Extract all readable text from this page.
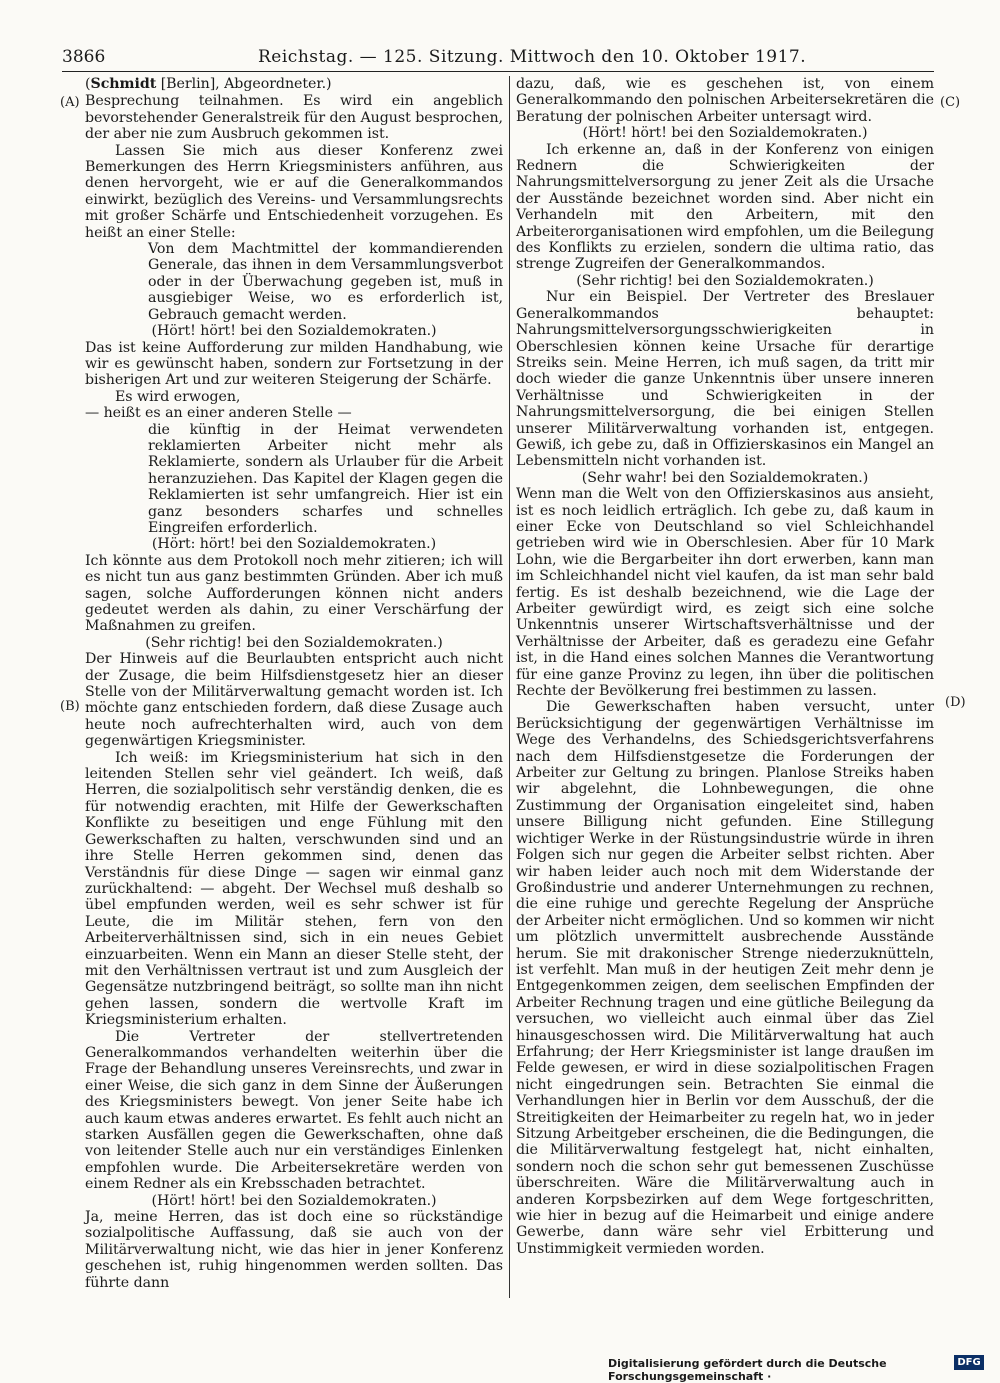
3866	Reichstag. — 125. Sitzung. Mittwoch den 10. Oktober 1917.
(A)
(B)
(C)
(D)

(Schmidt [Berlin], Abgeordneter.)

Besprechung teilnahmen. Es wird ein angeblich bevorstehender Generalstreik für den August besprochen, der aber nie zum Ausbruch gekommen ist.

Lassen Sie mich aus dieser Konferenz zwei Bemerkungen des Herrn Kriegsministers anführen, aus denen hervorgeht, wie er auf die Generalkommandos einwirkt, bezüglich des Vereins- und Versammlungsrechts mit großer Schärfe und Entschiedenheit vorzugehen. Es heißt an einer Stelle:

Von dem Machtmittel der kommandierenden Generale, das ihnen in dem Versammlungsverbot oder in der Überwachung gegeben ist, muß in ausgiebiger Weise, wo es erforderlich ist, Gebrauch gemacht werden.

(Hört! hört! bei den Sozialdemokraten.)

Das ist keine Aufforderung zur milden Handhabung, wie wir es gewünscht haben, sondern zur Fortsetzung in der bisherigen Art und zur weiteren Steigerung der Schärfe.

Es wird erwogen,

— heißt es an einer anderen Stelle —

die künftig in der Heimat verwendeten reklamierten Arbeiter nicht mehr als Reklamierte, sondern als Urlauber für die Arbeit heranzuziehen. Das Kapitel der Klagen gegen die Reklamierten ist sehr umfangreich. Hier ist ein ganz besonders scharfes und schnelles Eingreifen erforderlich.

(Hört: hört! bei den Sozialdemokraten.)

Ich könnte aus dem Protokoll noch mehr zitieren; ich will es nicht tun aus ganz bestimmten Gründen. Aber ich muß sagen, solche Aufforderungen können nicht anders gedeutet werden als dahin, zu einer Verschärfung der Maßnahmen zu greifen.

(Sehr richtig! bei den Sozialdemokraten.)

Der Hinweis auf die Beurlaubten entspricht auch nicht der Zusage, die beim Hilfsdienstgesetz hier an dieser Stelle von der Militärverwaltung gemacht worden ist. Ich möchte ganz entschieden fordern, daß diese Zusage auch heute noch aufrechterhalten wird, auch von dem gegenwärtigen Kriegsminister.

Ich weiß: im Kriegsministerium hat sich in den leitenden Stellen sehr viel geändert. Ich weiß, daß Herren, die sozialpolitisch sehr verständig denken, die es für notwendig erachten, mit Hilfe der Gewerkschaften Konflikte zu beseitigen und enge Fühlung mit den Gewerkschaften zu halten, verschwunden sind und an ihre Stelle Herren gekommen sind, denen das Verständnis für diese Dinge — sagen wir einmal ganz zurückhaltend: — abgeht. Der Wechsel muß deshalb so übel empfunden werden, weil es sehr schwer ist für Leute, die im Militär stehen, fern von den Arbeiterverhältnissen sind, sich in ein neues Gebiet einzuarbeiten. Wenn ein Mann an dieser Stelle steht, der mit den Verhältnissen vertraut ist und zum Ausgleich der Gegensätze nutzbringend beiträgt, so sollte man ihn nicht gehen lassen, sondern die wertvolle Kraft im Kriegsministerium erhalten.

Die Vertreter der stellvertretenden Generalkommandos verhandelten weiterhin über die Frage der Behandlung unseres Vereinsrechts, und zwar in einer Weise, die sich ganz in dem Sinne der Äußerungen des Kriegsministers bewegt. Von jener Seite habe ich auch kaum etwas anderes erwartet. Es fehlt auch nicht an starken Ausfällen gegen die Gewerkschaften, ohne daß von leitender Stelle auch nur ein verständiges Einlenken empfohlen wurde. Die Arbeitersekretäre werden von einem Redner als ein Krebsschaden betrachtet.

(Hört! hört! bei den Sozialdemokraten.)

Ja, meine Herren, das ist doch eine so rückständige sozialpolitische Auffassung, daß sie auch von der Militärverwaltung nicht, wie das hier in jener Konferenz geschehen ist, ruhig hingenommen werden sollten. Das führte dann

dazu, daß, wie es geschehen ist, von einem Generalkommando den polnischen Arbeitersekretären die Beratung der polnischen Arbeiter untersagt wird.

(Hört! hört! bei den Sozialdemokraten.)

Ich erkenne an, daß in der Konferenz von einigen Rednern die Schwierigkeiten der Nahrungsmittelversorgung zu jener Zeit als die Ursache der Ausstände bezeichnet worden sind. Aber nicht ein Verhandeln mit den Arbeitern, mit den Arbeiterorganisationen wird empfohlen, um die Beilegung des Konflikts zu erzielen, sondern die ultima ratio, das strenge Zugreifen der Generalkommandos.

(Sehr richtig! bei den Sozialdemokraten.)

Nur ein Beispiel. Der Vertreter des Breslauer Generalkommandos behauptet: Nahrungsmittelversorgungsschwierigkeiten in Oberschlesien können keine Ursache für derartige Streiks sein. Meine Herren, ich muß sagen, da tritt mir doch wieder die ganze Unkenntnis über unsere inneren Verhältnisse und Schwierigkeiten in der Nahrungsmittelversorgung, die bei einigen Stellen unserer Militärverwaltung vorhanden ist, entgegen. Gewiß, ich gebe zu, daß in Offizierskasinos ein Mangel an Lebensmitteln nicht vorhanden ist.

(Sehr wahr! bei den Sozialdemokraten.)

Wenn man die Welt von den Offizierskasinos aus ansieht, ist es noch leidlich erträglich. Ich gebe zu, daß kaum in einer Ecke von Deutschland so viel Schleichhandel getrieben wird wie in Oberschlesien. Aber für 10 Mark Lohn, wie die Bergarbeiter ihn dort erwerben, kann man im Schleichhandel nicht viel kaufen, da ist man sehr bald fertig. Es ist deshalb bezeichnend, wie die Lage der Arbeiter gewürdigt wird, es zeigt sich eine solche Unkenntnis unserer Wirtschaftsverhältnisse und der Verhältnisse der Arbeiter, daß es geradezu eine Gefahr ist, in die Hand eines solchen Mannes die Verantwortung für eine ganze Provinz zu legen, ihn über die politischen Rechte der Bevölkerung frei bestimmen zu lassen.

Die Gewerkschaften haben versucht, unter Berücksichtigung der gegenwärtigen Verhältnisse im Wege des Verhandelns, des Schiedsgerichtsverfahrens nach dem Hilfsdienstgesetze die Forderungen der Arbeiter zur Geltung zu bringen. Planlose Streiks haben wir abgelehnt, die Lohnbewegungen, die ohne Zustimmung der Organisation eingeleitet sind, haben unsere Billigung nicht gefunden. Eine Stillegung wichtiger Werke in der Rüstungsindustrie würde in ihren Folgen sich nur gegen die Arbeiter selbst richten. Aber wir haben leider auch noch mit dem Widerstande der Großindustrie und anderer Unternehmungen zu rechnen, die eine ruhige und gerechte Regelung der Ansprüche der Arbeiter nicht ermöglichen. Und so kommen wir nicht um plötzlich unvermittelt ausbrechende Ausstände herum. Sie mit drakonischer Strenge niederzuknütteln, ist verfehlt. Man muß in der heutigen Zeit mehr denn je Entgegenkommen zeigen, dem seelischen Empfinden der Arbeiter Rechnung tragen und eine gütliche Beilegung da versuchen, wo vielleicht auch einmal über das Ziel hinausgeschossen wird. Die Militärverwaltung hat auch Erfahrung; der Herr Kriegsminister ist lange draußen im Felde gewesen, er wird in diese sozialpolitischen Fragen nicht eingedrungen sein. Betrachten Sie einmal die Verhandlungen hier in Berlin vor dem Ausschuß, der die Streitigkeiten der Heimarbeiter zu regeln hat, wo in jeder Sitzung Arbeitgeber erscheinen, die die Bedingungen, die die Militärverwaltung festgelegt hat, nicht einhalten, sondern noch die schon sehr gut bemessenen Zuschüsse überschreiten. Wäre die Militärverwaltung auch in anderen Korpsbezirken auf dem Wege fortgeschritten, wie hier in bezug auf die Heimarbeit und einige andere Gewerbe, dann wäre sehr viel Erbitterung und Unstimmigkeit vermieden worden.

Digitalisierung gefördert durch die Deutsche Forschungsgemeinschaft ·
DFG
